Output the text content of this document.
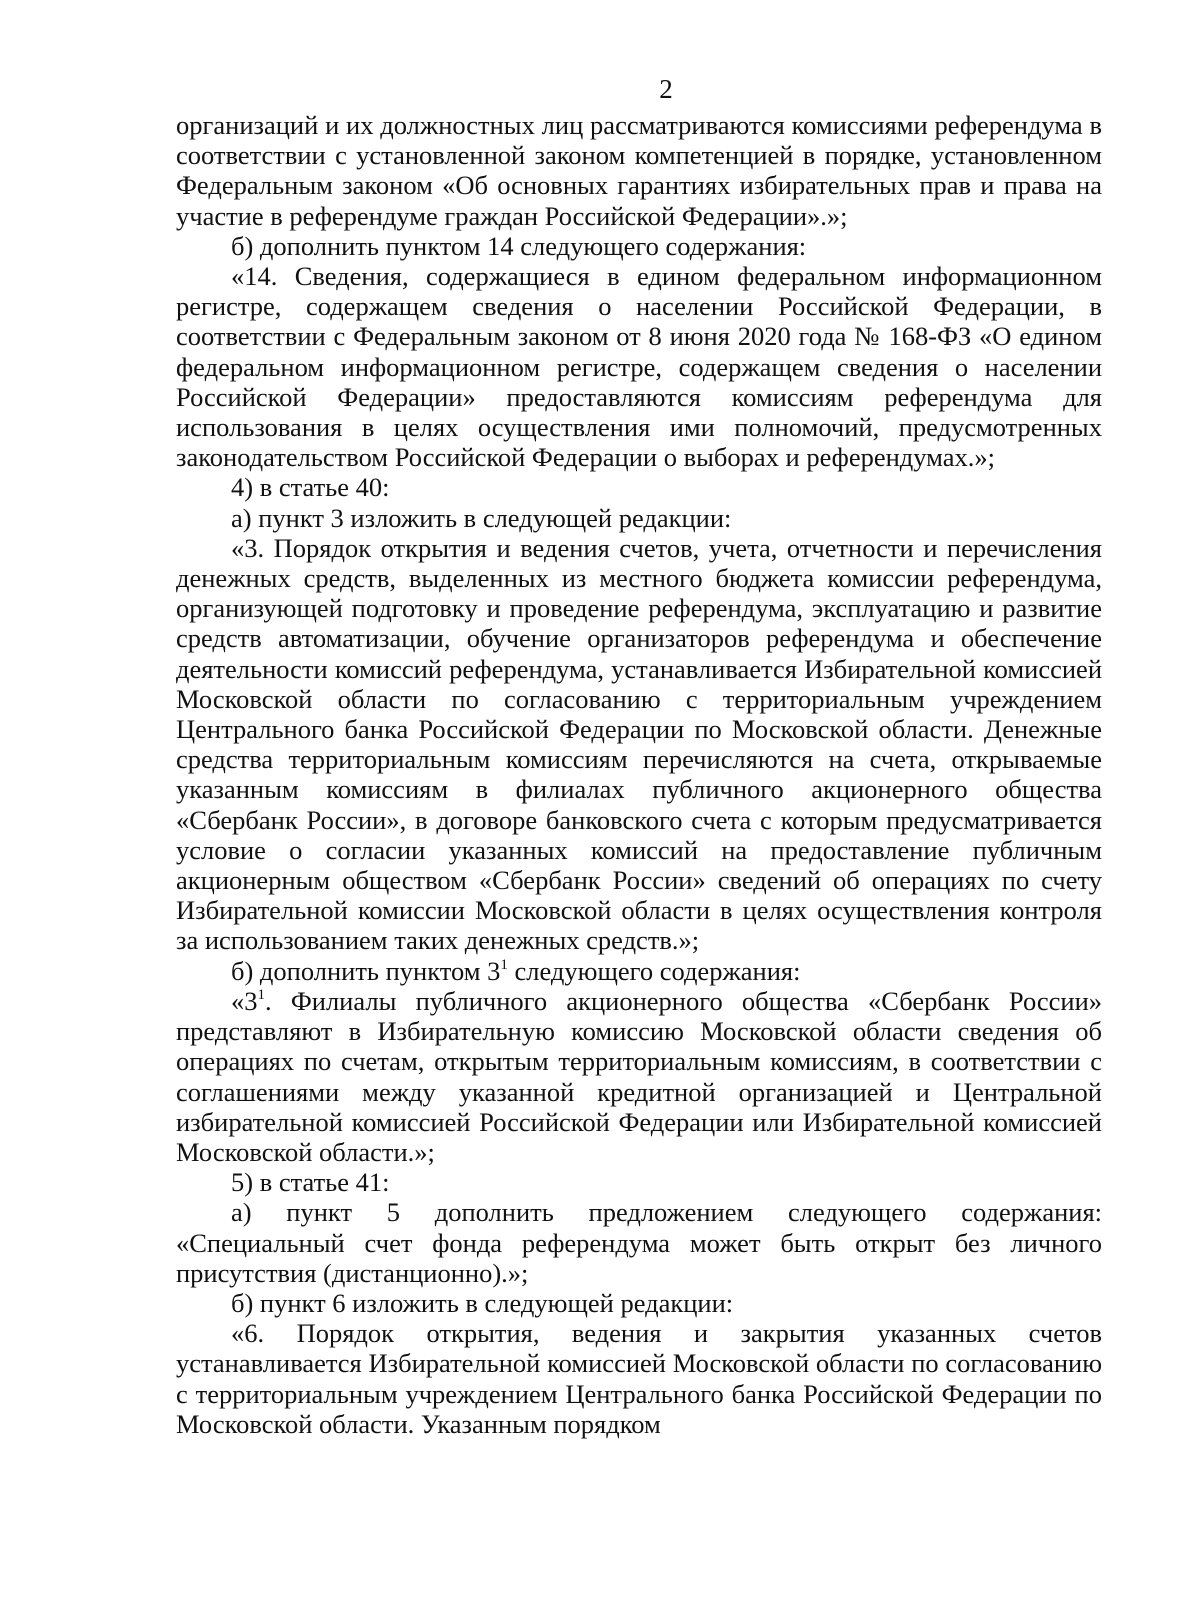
2

организаций и их должностных лиц рассматриваются комиссиями референдума в соответствии с установленной законом компетенцией в порядке, установленном Федеральным законом «Об основных гарантиях избирательных прав и права на участие в референдуме граждан Российской Федерации».»;

б) дополнить пунктом 14 следующего содержания:

«14. Сведения, содержащиеся в едином федеральном информационном регистре, содержащем сведения о населении Российской Федерации, в соответствии с Федеральным законом от 8 июня 2020 года № 168-ФЗ «О едином федеральном информационном регистре, содержащем сведения о населении Российской Федерации» предоставляются комиссиям референдума для использования в целях осуществления ими полномочий, предусмотренных законодательством Российской Федерации о выборах и референдумах.»;

4) в статье 40:

а) пункт 3 изложить в следующей редакции:

«3. Порядок открытия и ведения счетов, учета, отчетности и перечисления денежных средств, выделенных из местного бюджета комиссии референдума, организующей подготовку и проведение референдума, эксплуатацию и развитие средств автоматизации, обучение организаторов референдума и обеспечение деятельности комиссий референдума, устанавливается Избирательной комиссией Московской области по согласованию с территориальным учреждением Центрального банка Российской Федерации по Московской области. Денежные средства территориальным комиссиям перечисляются на счета, открываемые указанным комиссиям в филиалах публичного акционерного общества «Сбербанк России», в договоре банковского счета с которым предусматривается условие о согласии указанных комиссий на предоставление публичным акционерным обществом «Сбербанк России» сведений об операциях по счету Избирательной комиссии Московской области в целях осуществления контроля за использованием таких денежных средств.»;

б) дополнить пунктом $3^1$ следующего содержания:

«$3^1$. Филиалы публичного акционерного общества «Сбербанк России» представляют в Избирательную комиссию Московской области сведения об операциях по счетам, открытым территориальным комиссиям, в соответствии с соглашениями между указанной кредитной организацией и Центральной избирательной комиссией Российской Федерации или Избирательной комиссией Московской области.»;

5) в статье 41:

а) пункт 5 дополнить предложением следующего содержания: «Специальный счет фонда референдума может быть открыт без личного присутствия (дистанционно).»;

б) пункт 6 изложить в следующей редакции:

«6. Порядок открытия, ведения и закрытия указанных счетов устанавливается Избирательной комиссией Московской области по согласованию с территориальным учреждением Центрального банка Российской Федерации по Московской области. Указанным порядком
